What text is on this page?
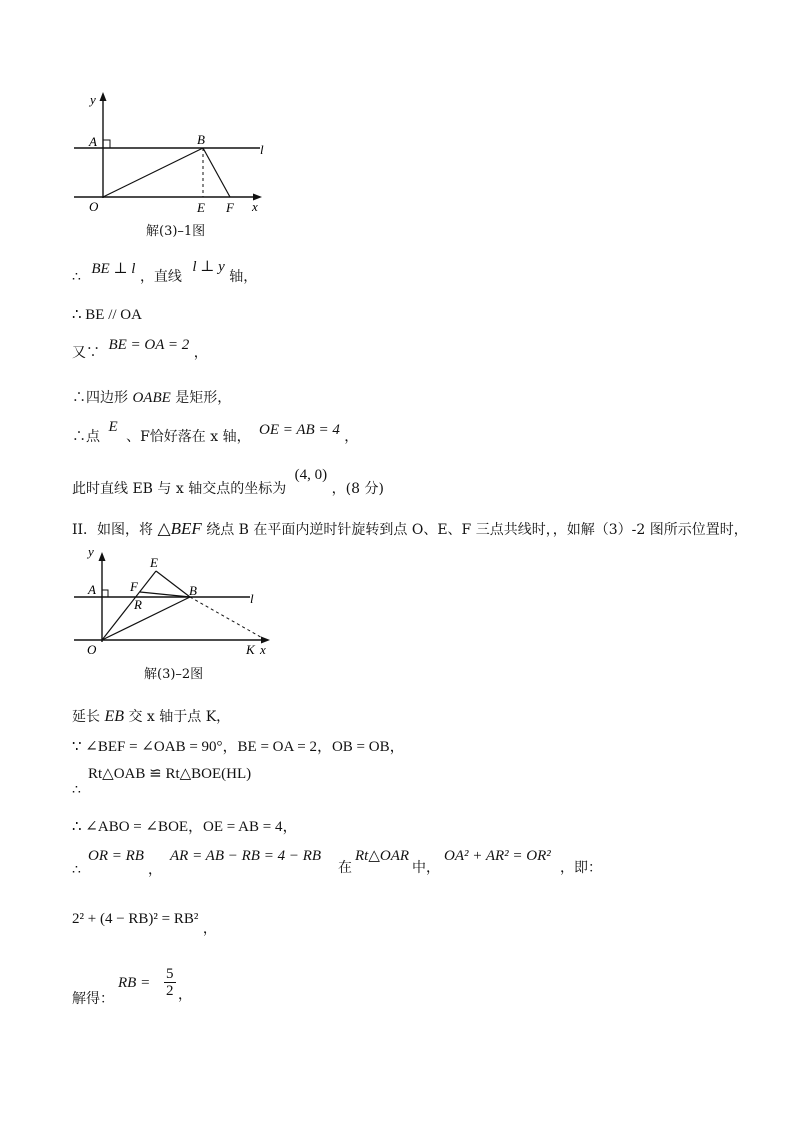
y
A	B
l
O	E F x
解(3)–1图
∴ BE ⊥ l ，直线 l ⊥ y 轴，
∴ BE // OA
又∵ BE = OA = 2 ，
∴四边形 OABE 是矩形，
∴点 E 、F恰好落在 x 轴， OE = AB = 4 ，
此时直线 EB 与 x 轴交点的坐标为 (4, 0) ，(8 分)
II．如图，将 △BEF 绕点 B 在平面内逆时针旋转到点 O、E、F 三点共线时，，如解（3）-2 图所示位置时，
y
A
E
F	B
R	l
O	K x
解(3)–2图
延长 EB 交 x 轴于点 K，
∵ ∠BEF = ∠OAB = 90°，BE = OA = 2，OB = OB，
Rt△OAB ≌ Rt△BOE(HL)
∴
∴ ∠ABO = ∠BOE，OE = AB = 4，
∴
OR = RB
，
AR = AB − RB = 4 − RB
在
Rt△OAR
中，
OA² + AR² = OR²
，即：
2² + (4 − RB)² = RB² ，
解得：
RB = $\frac{5}{2}$ ，
